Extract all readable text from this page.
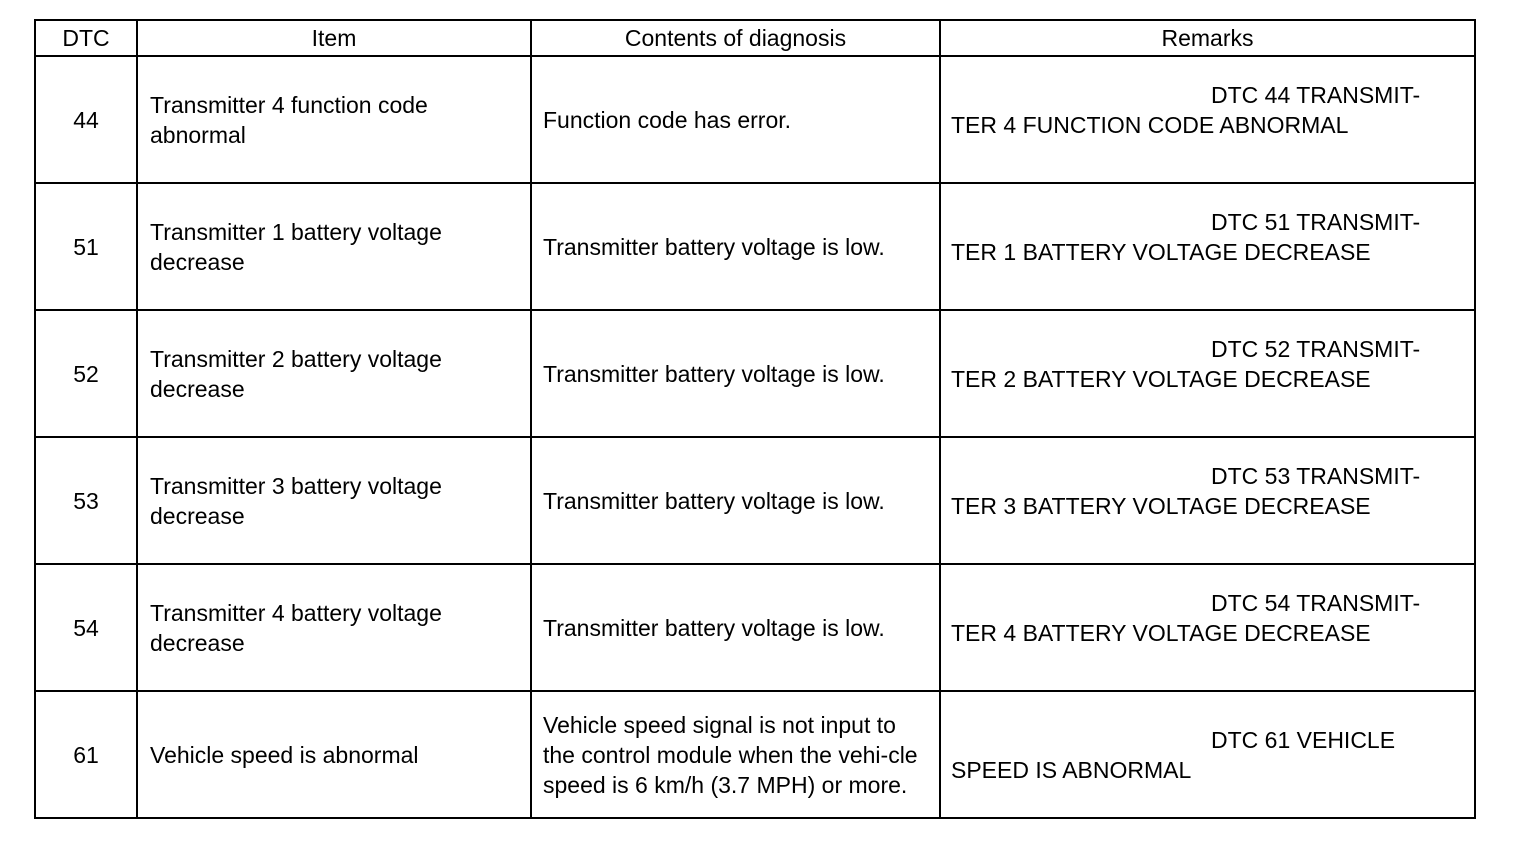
DTC	Item	Contents of diagnosis	Remarks
44	Transmitter 4 function code abnormal	Function code has error.	DTC 44 TRANSMIT-
TER 4 FUNCTION CODE ABNORMAL

51	Transmitter 1 battery voltage decrease	Transmitter battery voltage is low.	DTC 51 TRANSMIT-
TER 1 BATTERY VOLTAGE DECREASE

52	Transmitter 2 battery voltage decrease	Transmitter battery voltage is low.	DTC 52 TRANSMIT-
TER 2 BATTERY VOLTAGE DECREASE

53	Transmitter 3 battery voltage decrease	Transmitter battery voltage is low.	DTC 53 TRANSMIT-
TER 3 BATTERY VOLTAGE DECREASE

54	Transmitter 4 battery voltage decrease	Transmitter battery voltage is low.	DTC 54 TRANSMIT-
TER 4 BATTERY VOLTAGE DECREASE

61	Vehicle speed is abnormal	Vehicle speed signal is not input to the control module when the vehi-cle speed is 6 km/h (3.7 MPH) or more.	DTC 61 VEHICLE
SPEED IS ABNORMAL
